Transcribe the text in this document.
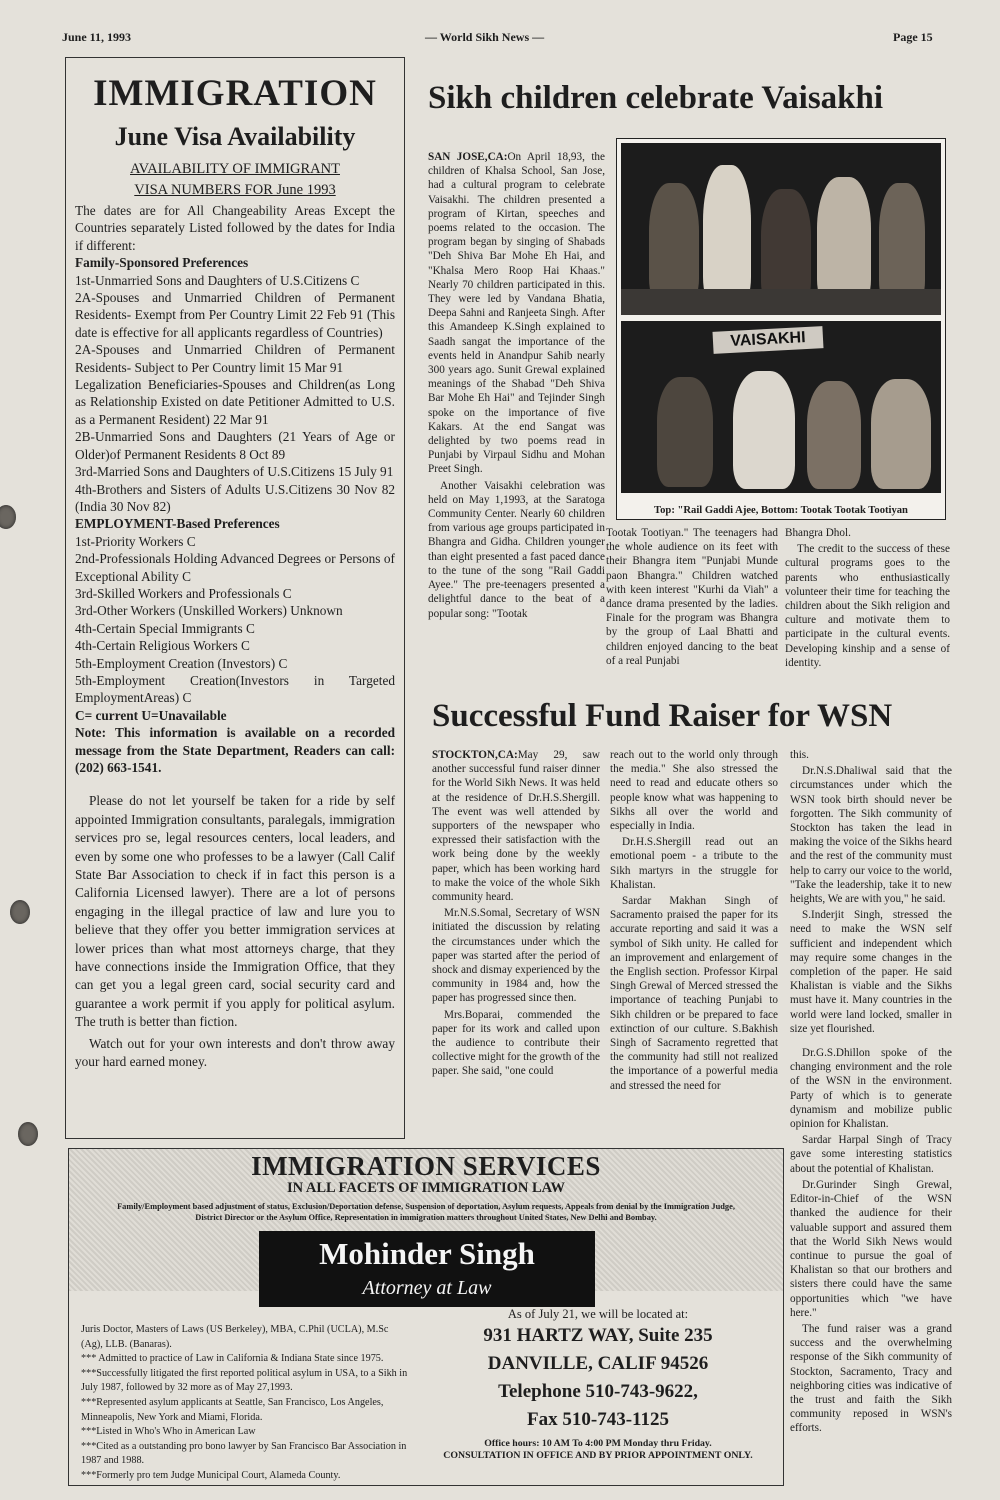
June 11, 1993	— World Sikh News —	Page 15
IMMIGRATION
June Visa Availability
AVAILABILITY OF IMMIGRANT
VISA NUMBERS FOR June 1993

The dates are for All Changeability Areas Except the Countries separately Listed followed by the dates for India if different:

Family-Sponsored Preferences

1st-Unmarried Sons and Daughters of U.S.Citizens C

2A-Spouses and Unmarried Children of Permanent Residents- Exempt from Per Country Limit 22 Feb 91 (This date is effective for all applicants regardless of Countries)

2A-Spouses and Unmarried Children of Permanent Residents- Subject to Per Country limit 15 Mar 91

Legalization Beneficiaries-Spouses and Children(as Long as Relationship Existed on date Petitioner Admitted to U.S. as a Permanent Resident) 22 Mar 91

2B-Unmarried Sons and Daughters (21 Years of Age or Older)of Permanent Residents 8 Oct 89

3rd-Married Sons and Daughters of U.S.Citizens 15 July 91

4th-Brothers and Sisters of Adults U.S.Citizens 30 Nov 82 (India 30 Nov 82)

EMPLOYMENT-Based Preferences

1st-Priority Workers C

2nd-Professionals Holding Advanced Degrees or Persons of Exceptional Ability C

3rd-Skilled Workers and Professionals C

3rd-Other Workers (Unskilled Workers) Unknown

4th-Certain Special Immigrants C

4th-Certain Religious Workers C

5th-Employment Creation (Investors) C

5th-Employment Creation(Investors in Targeted EmploymentAreas) C

C= current U=Unavailable

Note: This information is available on a recorded message from the State Department, Readers can call: (202) 663-1541.

Please do not let yourself be taken for a ride by self appointed Immigration consultants, paralegals, immigration services pro se, legal resources centers, local leaders, and even by some one who professes to be a lawyer (Call Calif State Bar Association to check if in fact this person is a California Licensed lawyer). There are a lot of persons engaging in the illegal practice of law and lure you to believe that they offer you better immigration services at lower prices than what most attorneys charge, that they have connections inside the Immigration Office, that they can get you a legal green card, social security card and guarantee a work permit if you apply for political asylum. The truth is better than fiction.

Watch out for your own interests and don't throw away your hard earned money.

Sikh children celebrate Vaisakhi

SAN JOSE,CA:On April 18,93, the children of Khalsa School, San Jose, had a cultural program to celebrate Vaisakhi. The children presented a program of Kirtan, speeches and poems related to the occasion. The program began by singing of Shabads "Deh Shiva Bar Mohe Eh Hai, and "Khalsa Mero Roop Hai Khaas." Nearly 70 children participated in this. They were led by Vandana Bhatia, Deepa Sahni and Ranjeeta Singh. After this Amandeep K.Singh explained to Saadh sangat the importance of the events held in Anandpur Sahib nearly 300 years ago. Sunit Grewal explained meanings of the Shabad "Deh Shiva Bar Mohe Eh Hai" and Tejinder Singh spoke on the importance of five Kakars. At the end Sangat was delighted by two poems read in Punjabi by Virpaul Sidhu and Mohan Preet Singh.

Another Vaisakhi celebration was held on May 1,1993, at the Saratoga Community Center. Nearly 60 children from various age groups participated in Bhangra and Gidha. Children younger than eight presented a fast paced dance to the tune of the song "Rail Gaddi Ayee." The pre-teenagers presented a delightful dance to the beat of a popular song: "Tootak

VAISAKHI
Top: "Rail Gaddi Ajee, Bottom: Tootak Tootak Tootiyan

Tootak Tootiyan." The teenagers had the whole audience on its feet with their Bhangra item "Punjabi Munde paon Bhangra." Children watched with keen interest "Kurhi da Viah" a dance drama presented by the ladies. Finale for the program was Bhangra by the group of Laal Bhatti and children enjoyed dancing to the beat of a real Punjabi

Bhangra Dhol.

The credit to the success of these cultural programs goes to the parents who enthusiastically volunteer their time for teaching the children about the Sikh religion and culture and motivate them to participate in the cultural events. Developing kinship and a sense of identity.

Successful Fund Raiser for WSN

STOCKTON,CA:May 29, saw another successful fund raiser dinner for the World Sikh News. It was held at the residence of Dr.H.S.Shergill. The event was well attended by supporters of the newspaper who expressed their satisfaction with the work being done by the weekly paper, which has been working hard to make the voice of the whole Sikh community heard.

Mr.N.S.Somal, Secretary of WSN initiated the discussion by relating the circumstances under which the paper was started after the period of shock and dismay experienced by the community in 1984 and, how the paper has progressed since then.

Mrs.Boparai, commended the paper for its work and called upon the audience to contribute their collective might for the growth of the paper. She said, "one could

reach out to the world only through the media." She also stressed the need to read and educate others so people know what was happening to Sikhs all over the world and especially in India.

Dr.H.S.Shergill read out an emotional poem - a tribute to the Sikh martyrs in the struggle for Khalistan.

Sardar Makhan Singh of Sacramento praised the paper for its accurate reporting and said it was a symbol of Sikh unity. He called for an improvement and enlargement of the English section. Professor Kirpal Singh Grewal of Merced stressed the importance of teaching Punjabi to Sikh children or be prepared to face extinction of our culture. S.Bakhish Singh of Sacramento regretted that the community had still not realized the importance of a powerful media and stressed the need for

this.

Dr.N.S.Dhaliwal said that the circumstances under which the WSN took birth should never be forgotten. The Sikh community of Stockton has taken the lead in making the voice of the Sikhs heard and the rest of the community must help to carry our voice to the world, "Take the leadership, take it to new heights, We are with you," he said.

S.Inderjit Singh, stressed the need to make the WSN self sufficient and independent which may require some changes in the completion of the paper. He said Khalistan is viable and the Sikhs must have it. Many countries in the world were land locked, smaller in size yet flourished.

Dr.G.S.Dhillon spoke of the changing environment and the role of the WSN in the environment. Party of which is to generate dynamism and mobilize public opinion for Khalistan.

Sardar Harpal Singh of Tracy gave some interesting statistics about the potential of Khalistan.

Dr.Gurinder Singh Grewal, Editor-in-Chief of the WSN thanked the audience for their valuable support and assured them that the World Sikh News would continue to pursue the goal of Khalistan so that our brothers and sisters there could have the same opportunities which "we have here."

The fund raiser was a grand success and the overwhelming response of the Sikh community of Stockton, Sacramento, Tracy and neighboring cities was indicative of the trust and faith the Sikh community reposed in WSN's efforts.

IMMIGRATION SERVICES
IN ALL FACETS OF IMMIGRATION LAW
Family/Employment based adjustment of status, Exclusion/Deportation defense, Suspension of deportation, Asylum requests, Appeals from denial by the Immigration Judge, District Director or the Asylum Office, Representation in immigration matters throughout United States, New Delhi and Bombay.
Mohinder Singh
Attorney at Law
Juris Doctor, Masters of Laws (US Berkeley), MBA, C.Phil (UCLA), M.Sc (Ag), LLB. (Banaras).
*** Admitted to practice of Law in California & Indiana State since 1975.
***Successfully litigated the first reported political asylum in USA, to a Sikh in July 1987, followed by 32 more as of May 27,1993.
***Represented asylum applicants at Seattle, San Francisco, Los Angeles, Minneapolis, New York and Miami, Florida.
***Listed in Who's Who in American Law
***Cited as a outstanding pro bono lawyer by San Francisco Bar Association in 1987 and 1988.
***Formerly pro tem Judge Municipal Court, Alameda County.
As of July 21, we will be located at:
931 HARTZ WAY, Suite 235
DANVILLE, CALIF 94526
Telephone 510-743-9622,
Fax 510-743-1125
Office hours: 10 AM To 4:00 PM Monday thru Friday.
CONSULTATION IN OFFICE AND BY PRIOR APPOINTMENT ONLY.
